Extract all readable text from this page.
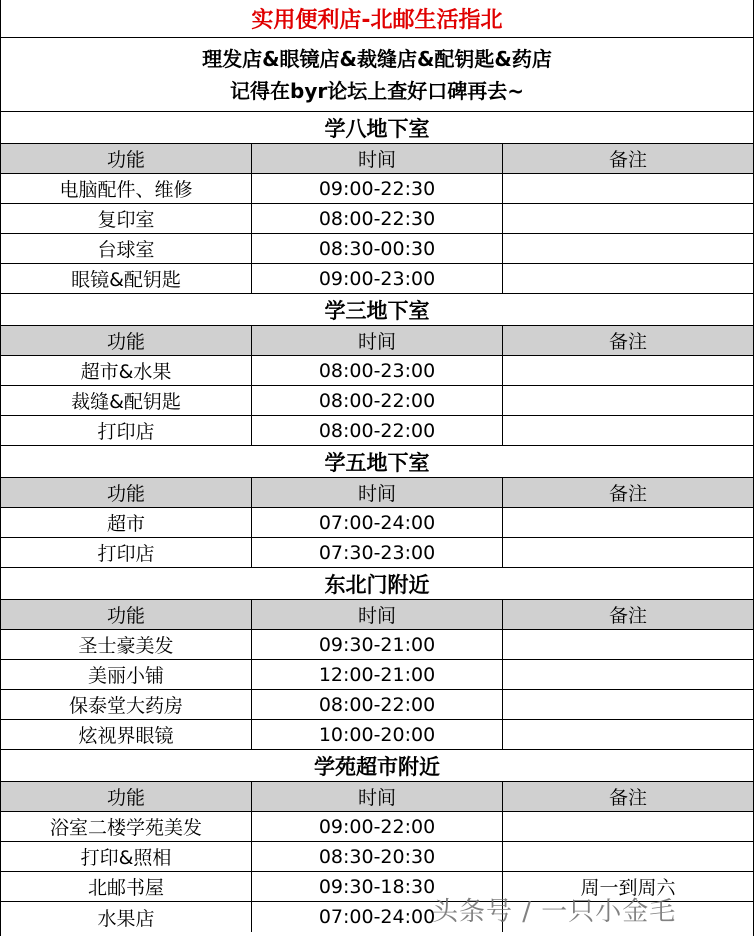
实用便利店-北邮生活指北
理发店&眼镜店&裁缝店&配钥匙&药店
记得在byr论坛上查好口碑再去~
学八地下室
功能	时间	备注
电脑配件、维修	09:00-22:30
复印室	08:00-22:30
台球室	08:30-00:30
眼镜&配钥匙	09:00-23:00
学三地下室
功能	时间	备注
超市&水果	08:00-23:00
裁缝&配钥匙	08:00-22:00
打印店	08:00-22:00
学五地下室
功能	时间	备注
超市	07:00-24:00
打印店	07:30-23:00
东北门附近
功能	时间	备注
圣士豪美发	09:30-21:00
美丽小铺	12:00-21:00
保泰堂大药房	08:00-22:00
炫视界眼镜	10:00-20:00
学苑超市附近
功能	时间	备注
浴室二楼学苑美发	09:00-22:00
打印&照相	08:30-20:30
北邮书屋	09:30-18:30	周一到周六
水果店	07:00-24:00
头条号 / 一只小金毛
